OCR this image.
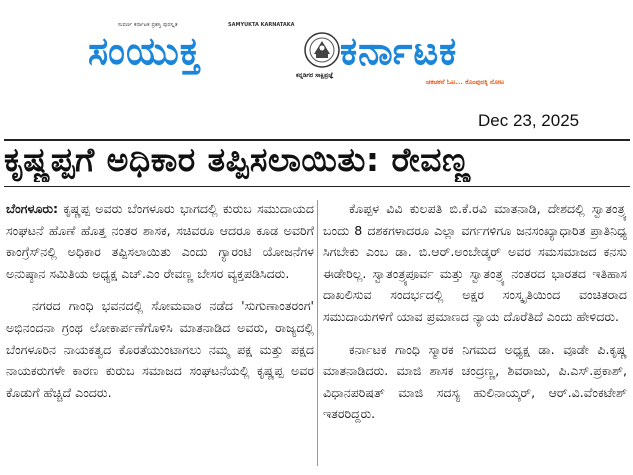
ಸುವರ್ಣ ಕರ್ನಾಟಕ ಪ್ರಶಸ್ತಿ ಪುರಸ್ಕೃತ	SAMYUKTA KARNATAKA
ಸಂಯುಕ್ತ
ಕನ್ನಡಿಗರ ಸಾಕ್ಷಿಪ್ರಜ್ಞೆ
ಕರ್ನಾಟಕ
ಚಕಚಕನೆ ಓಟ... ಕೊಂಪುರಕ್ಕಿ ನೋಟ
Dec 23, 2025
ಕೃಷ್ಣಪ್ಪಗೆ ಅಧಿಕಾರ ತಪ್ಪಿಸಲಾಯಿತು: ರೇವಣ್ಣ

ಬೆಂಗಳೂರು: ಕೃಷ್ಣಪ್ಪ ಅವರು ಬೆಂಗಳೂರು ಭಾಗದಲ್ಲಿ ಕುರುಬ ಸಮುದಾಯದ ಸಂಘಟನೆ ಹೊಣೆ ಹೊತ್ತ ನಂತರ ಶಾಸಕ, ಸಚಿವರೂ ಆದರೂ ಕೂಡ ಅವರಿಗೆ ಕಾಂಗ್ರೆಸ್‌ನಲ್ಲಿ ಅಧಿಕಾರ ತಪ್ಪಿಸಲಾಯಿತು ಎಂದು ಗ್ಯಾರಂಟಿ ಯೋಜನೆಗಳ ಅನುಷ್ಠಾನ ಸಮಿತಿಯ ಅಧ್ಯಕ್ಷ ಎಚ್.ಎಂ ರೇವಣ್ಣ ಬೇಸರ ವ್ಯಕ್ತಪಡಿಸಿದರು.

ನಗರದ ಗಾಂಧಿ ಭವನದಲ್ಲಿ ಸೋಮವಾರ ನಡೆದ 'ಸುಗುಣಾಂತರಂಗ' ಅಭಿನಂದನಾ ಗ್ರಂಥ ಲೋಕಾರ್ಪಣೆಗೊಳಿಸಿ ಮಾತನಾಡಿದ ಅವರು, ರಾಜ್ಯದಲ್ಲಿ ಬೆಂಗಳೂರಿನ ನಾಯಕತ್ವದ ಕೊರತೆಯುಂಟಾಗಲು ನಮ್ಮ ಪಕ್ಷ ಮತ್ತು ಪಕ್ಷದ ನಾಯಕರುಗಳೇ ಕಾರಣ ಕುರುಬ ಸಮಾಜದ ಸಂಘಟನೆಯಲ್ಲಿ ಕೃಷ್ಣಪ್ಪ ಅವರ ಕೊಡುಗೆ ಹೆಚ್ಚಿದೆ ಎಂದರು.

ಕೊಪ್ಪಳ ವಿವಿ ಕುಲಪತಿ ಬಿ.ಕೆ.ರವಿ ಮಾತನಾಡಿ, ದೇಶದಲ್ಲಿ ಸ್ವಾತಂತ್ರ್ಯ ಬಂದು 8 ದಶಕಗಳಾದರೂ ಎಲ್ಲಾ ವರ್ಗಗಳಿಗೂ ಜನಸಂಖ್ಯಾಧಾರಿತ ಪ್ರಾತಿನಿಧ್ಯ ಸಿಗಬೇಕು ಎಂಬ ಡಾ. ಬಿ.ಆರ್.ಅಂಬೇಡ್ಕರ್ ಅವರ ಸಮಸಮಾಜದ ಕನಸು ಈಡೇರಿಲ್ಲ. ಸ್ವಾತಂತ್ರ್ಯಪೂರ್ವ ಮತ್ತು ಸ್ವಾತಂತ್ರ್ಯ ನಂತರದ ಭಾರತದ ಇತಿಹಾಸ ದಾಖಲಿಸುವ ಸಂದರ್ಭದಲ್ಲಿ ಅಕ್ಷರ ಸಂಸ್ಕೃತಿಯಿಂದ ವಂಚಿತರಾದ ಸಮುದಾಯಗಳಿಗೆ ಯಾವ ಪ್ರಮಾಣದ ನ್ಯಾಯ ದೊರೆತಿದೆ ಎಂದು ಹೇಳಿದರು.

ಕರ್ನಾಟಕ ಗಾಂಧಿ ಸ್ಮಾರಕ ನಿಗಮದ ಅಧ್ಯಕ್ಷ ಡಾ. ವೂಡೇ ಪಿ.ಕೃಷ್ಣ ಮಾತನಾಡಿದರು. ಮಾಜಿ ಶಾಸಕ ಚಂದ್ರಣ್ಣ, ಶಿವರಾಜು, ಪಿ.ಎಸ್.ಪ್ರಕಾಶ್, ವಿಧಾನಪರಿಷತ್ ಮಾಜಿ ಸದಸ್ಯ ಹುಲಿನಾಯ್ಕರ್, ಆರ್.ವಿ.ವೆಂಕಟೇಶ್ ಇತರರಿದ್ದರು.
